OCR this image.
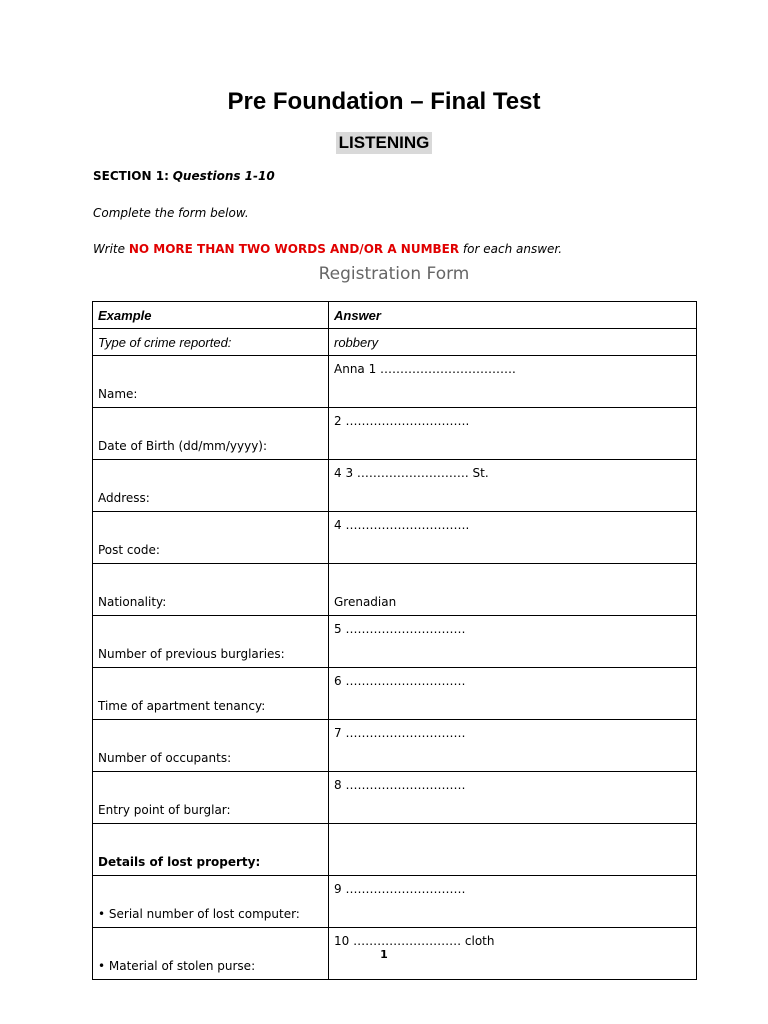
Pre Foundation – Final Test
LISTENING
SECTION 1: Questions 1-10
Complete the form below.
Write NO MORE THAN TWO WORDS AND/OR A NUMBER for each answer.
Registration Form
Example	Answer
Type of crime reported:	robbery
Name:	Anna 1 …………………………….
Date of Birth (dd/mm/yyyy):	2 ………………………….
Address:	4 3 ………………………. St.
Post code:	4 ………………………….
Nationality:	Grenadian
Number of previous burglaries:	5 …………………………
Time of apartment tenancy:	6 …………………………
Number of occupants:	7 …………………………
Entry point of burglar:	8 …………………………
Details of lost property:	
• Serial number of lost computer:	9 …………………………
• Material of stolen purse:	10 ……………………… cloth
1
